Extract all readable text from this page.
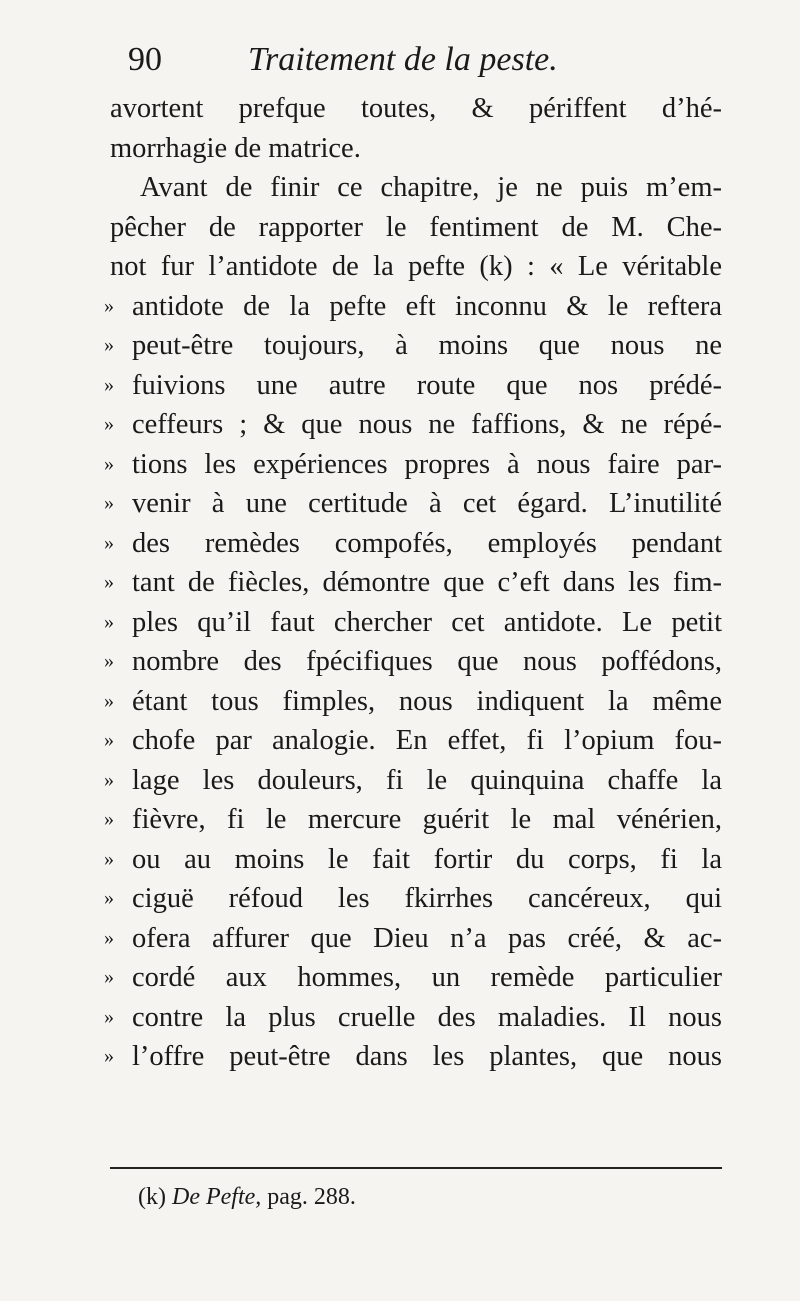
90	Traitement de la peste.
avortent prefque toutes, & périffent d’hé-
morrhagie de matrice.
Avant de finir ce chapitre, je ne puis m’em-
pêcher de rapporter le fentiment de M. Che-
not fur l’antidote de la pefte (k) : « Le véritable
» antidote de la pefte eft inconnu & le reftera
» peut-être toujours, à moins que nous ne
» fuivions une autre route que nos prédé-
» ceffeurs ; & que nous ne faffions, & ne répé-
» tions les expériences propres à nous faire par-
» venir à une certitude à cet égard. L’inutilité
» des remèdes compofés, employés pendant
» tant de fiècles, démontre que c’eft dans les fim-
» ples qu’il faut chercher cet antidote. Le petit
» nombre des fpécifiques que nous poffédons,
» étant tous fimples, nous indiquent la même
» chofe par analogie. En effet, fi l’opium fou-
» lage les douleurs, fi le quinquina chaffe la
» fièvre, fi le mercure guérit le mal vénérien,
» ou au moins le fait fortir du corps, fi la
» ciguë réfoud les fkirrhes cancéreux, qui
» ofera affurer que Dieu n’a pas créé, & ac-
» cordé aux hommes, un remède particulier
» contre la plus cruelle des maladies. Il nous
» l’offre peut-être dans les plantes, que nous
(k) De Pefte, pag. 288.
